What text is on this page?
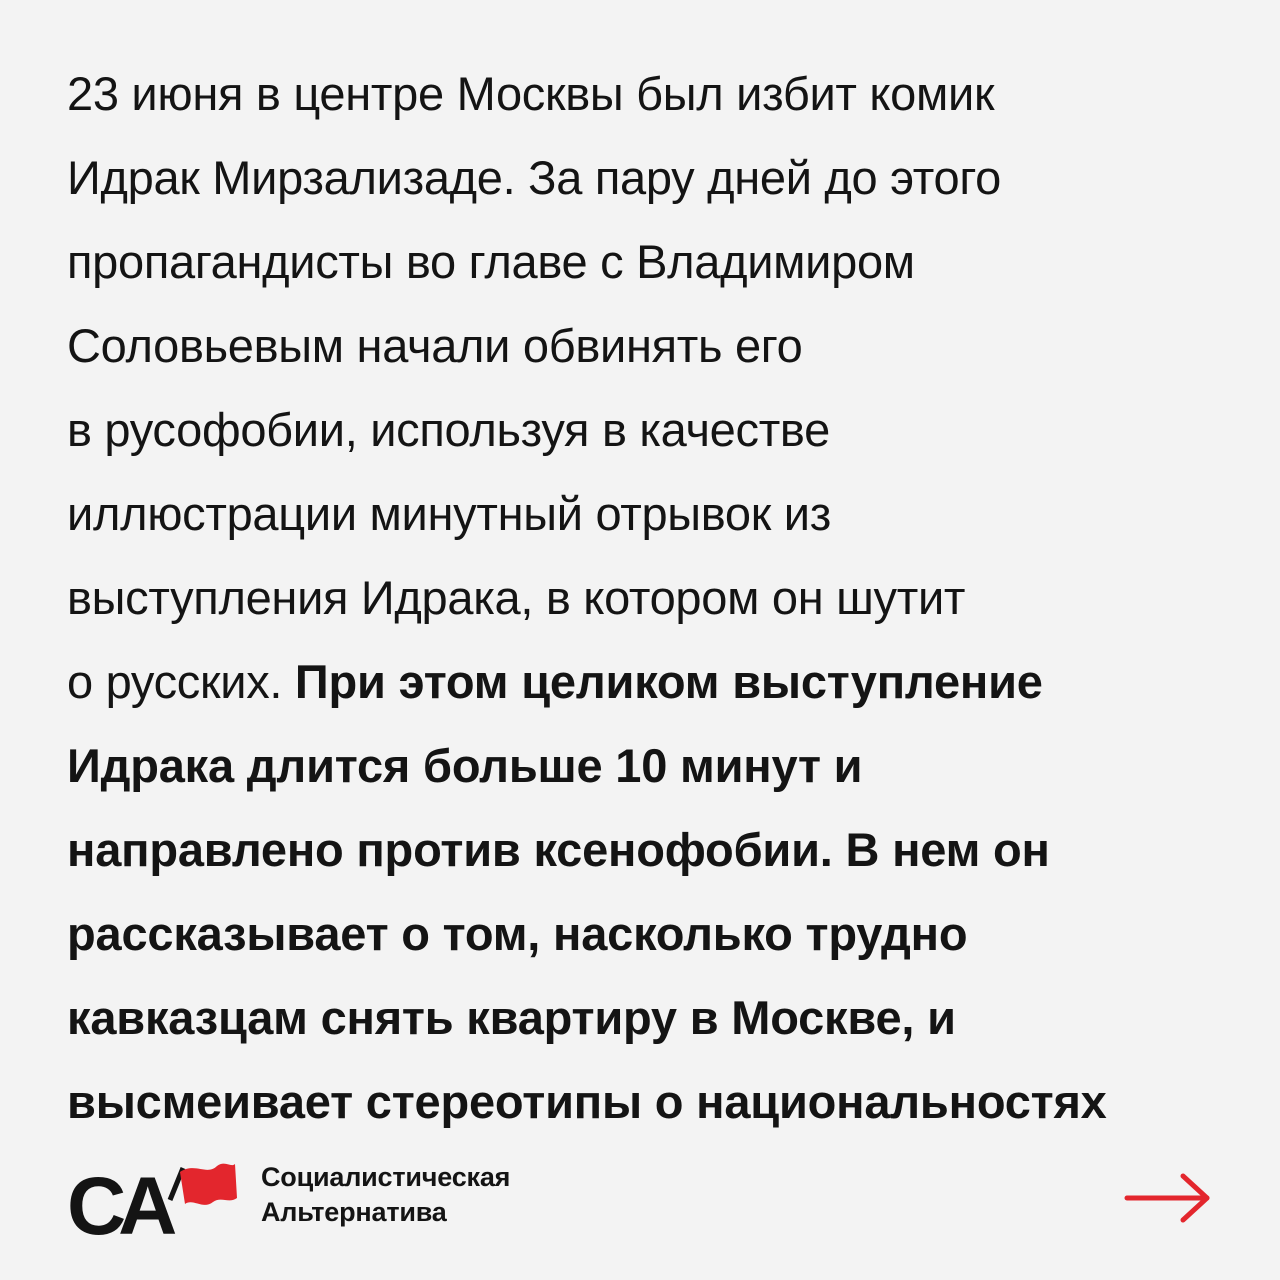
23 июня в центре Москвы был избит комик
Идрак Мирзализаде. За пару дней до этого
пропагандисты во главе с Владимиром
Соловьевым начали обвинять его
в русофобии, используя в качестве
иллюстрации минутный отрывок из
выступления Идрака, в котором он шутит
о русских. При этом целиком выступление
Идрака длится больше 10 минут и
направлено против ксенофобии. В нем он
рассказывает о том, насколько трудно
кавказцам снять квартиру в Москве, и
высмеивает стереотипы о национальностях
СА	Социалистическая
Альтернатива
